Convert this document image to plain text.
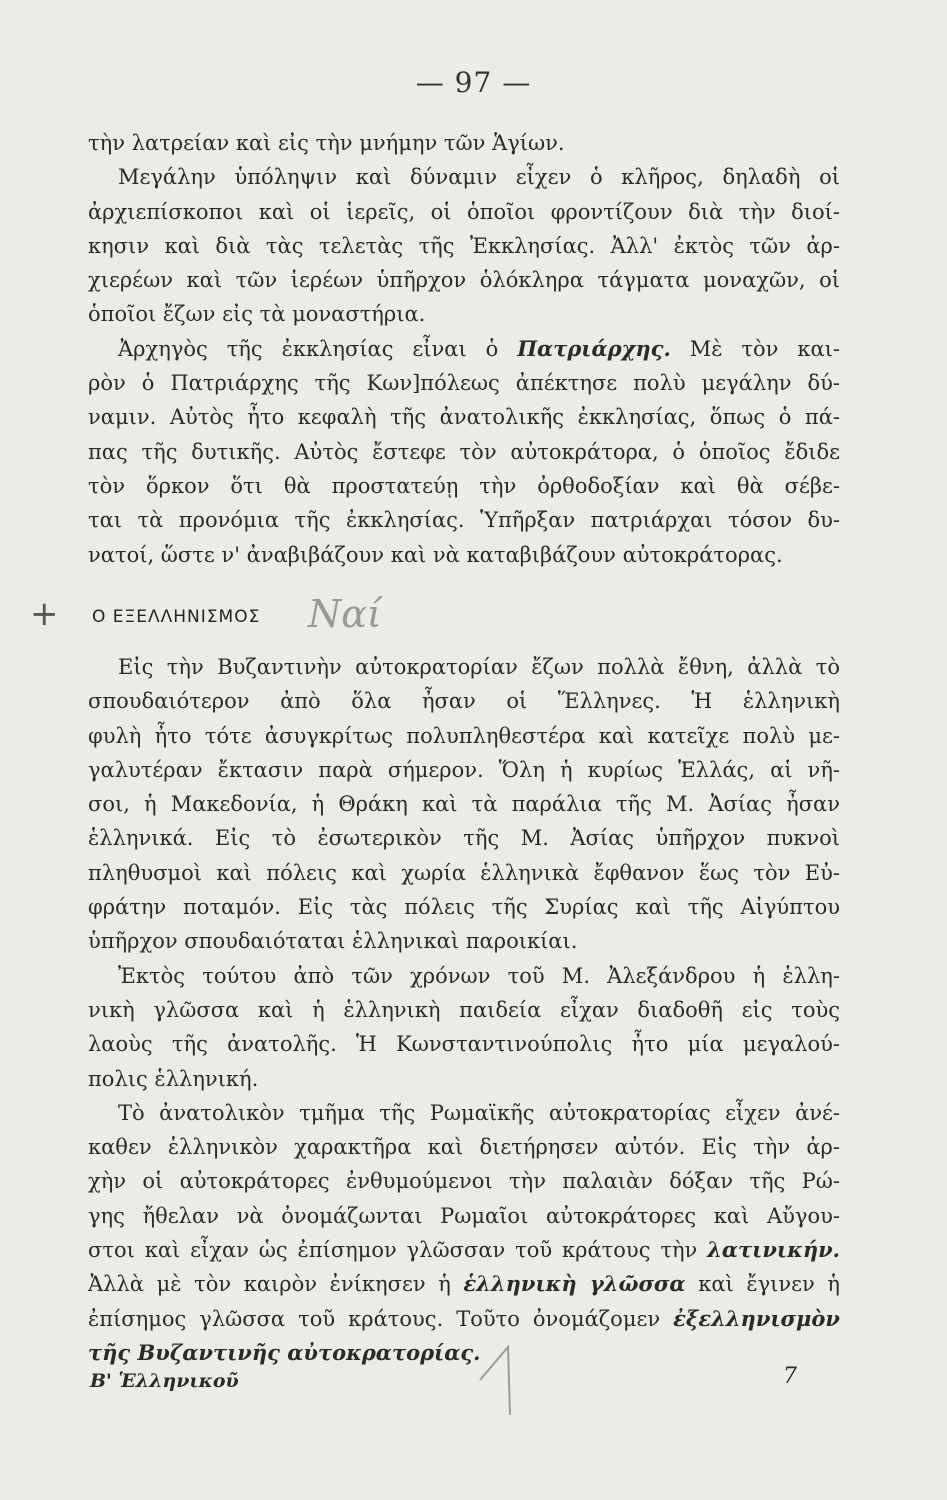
— 97 —
τὴν λατρείαν καὶ εἰς τὴν μνήμην τῶν Ἁγίων.
Μεγάλην ὑπόληψιν καὶ δύναμιν εἶχεν ὁ κλῆρος, δηλαδὴ οἱ
ἀρχιεπίσκοποι καὶ οἱ ἱερεῖς, οἱ ὁποῖοι φροντίζουν διὰ τὴν διοί-
κησιν καὶ διὰ τὰς τελετὰς τῆς Ἐκκλησίας. Ἀλλ' ἐκτὸς τῶν ἀρ-
χιερέων καὶ τῶν ἱερέων ὑπῆρχον ὁλόκληρα τάγματα μοναχῶν, οἱ
ὁποῖοι ἔζων εἰς τὰ μοναστήρια.
Ἀρχηγὸς τῆς ἐκκλησίας εἶναι ὁ Πατριάρχης. Μὲ τὸν και-
ρὸν ὁ Πατριάρχης τῆς Κων]πόλεως ἀπέκτησε πολὺ μεγάλην δύ-
ναμιν. Αὐτὸς ἦτο κεφαλὴ τῆς ἀνατολικῆς ἐκκλησίας, ὅπως ὁ πά-
πας τῆς δυτικῆς. Αὐτὸς ἔστεφε τὸν αὐτοκράτορα, ὁ ὁποῖος ἔδιδε
τὸν ὅρκον ὅτι θὰ προστατεύῃ τὴν ὀρθοδοξίαν καὶ θὰ σέβε-
ται τὰ προνόμια τῆς ἐκκλησίας. Ὑπῆρξαν πατριάρχαι τόσον δυ-
νατοί, ὥστε ν' ἀναβιβάζουν καὶ νὰ καταβιβάζουν αὐτοκράτορας.
+ Ο ΕΞΕΛΛΗΝΙΣΜΟΣ Ναί
Εἰς τὴν Βυζαντινὴν αὐτοκρατορίαν ἔζων πολλὰ ἔθνη, ἀλλὰ τὸ
σπουδαιότερον ἀπὸ ὅλα ἦσαν οἱ Ἕλληνες. Ἡ ἑλληνικὴ
φυλὴ ἦτο τότε ἀσυγκρίτως πολυπληθεστέρα καὶ κατεῖχε πολὺ με-
γαλυτέραν ἔκτασιν παρὰ σήμερον. Ὅλη ἡ κυρίως Ἑλλάς, αἱ νῆ-
σοι, ἡ Μακεδονία, ἡ Θράκη καὶ τὰ παράλια τῆς Μ. Ἀσίας ἦσαν
ἑλληνικά. Εἰς τὸ ἐσωτερικὸν τῆς Μ. Ἀσίας ὑπῆρχον πυκνοὶ
πληθυσμοὶ καὶ πόλεις καὶ χωρία ἑλληνικὰ ἔφθανον ἕως τὸν Εὐ-
φράτην ποταμόν. Εἰς τὰς πόλεις τῆς Συρίας καὶ τῆς Αἰγύπτου
ὑπῆρχον σπουδαιόταται ἑλληνικαὶ παροικίαι.
Ἐκτὸς τούτου ἀπὸ τῶν χρόνων τοῦ Μ. Ἀλεξάνδρου ἡ ἑλλη-
νικὴ γλῶσσα καὶ ἡ ἑλληνικὴ παιδεία εἶχαν διαδοθῆ εἰς τοὺς
λαοὺς τῆς ἀνατολῆς. Ἡ Κωνσταντινούπολις ἦτο μία μεγαλού-
πολις ἑλληνική.
Τὸ ἀνατολικὸν τμῆμα τῆς Ρωμαϊκῆς αὐτοκρατορίας εἶχεν ἀνέ-
καθεν ἑλληνικὸν χαρακτῆρα καὶ διετήρησεν αὐτόν. Εἰς τὴν ἀρ-
χὴν οἱ αὐτοκράτορες ἐνθυμούμενοι τὴν παλαιὰν δόξαν τῆς Ρώ-
γης ἤθελαν νὰ ὀνομάζωνται Ρωμαῖοι αὐτοκράτορες καὶ Αὔγου-
στοι καὶ εἶχαν ὡς ἐπίσημον γλῶσσαν τοῦ κράτους τὴν λατινικήν.
Ἀλλὰ μὲ τὸν καιρὸν ἐνίκησεν ἡ ἑλληνικὴ γλῶσσα καὶ ἔγινεν ἡ
ἐπίσημος γλῶσσα τοῦ κράτους. Τοῦτο ὀνομάζομεν ἐξελληνισμὸν
τῆς Βυζαντινῆς αὐτοκρατορίας.
Β' Ἑλληνικοῦ	7
